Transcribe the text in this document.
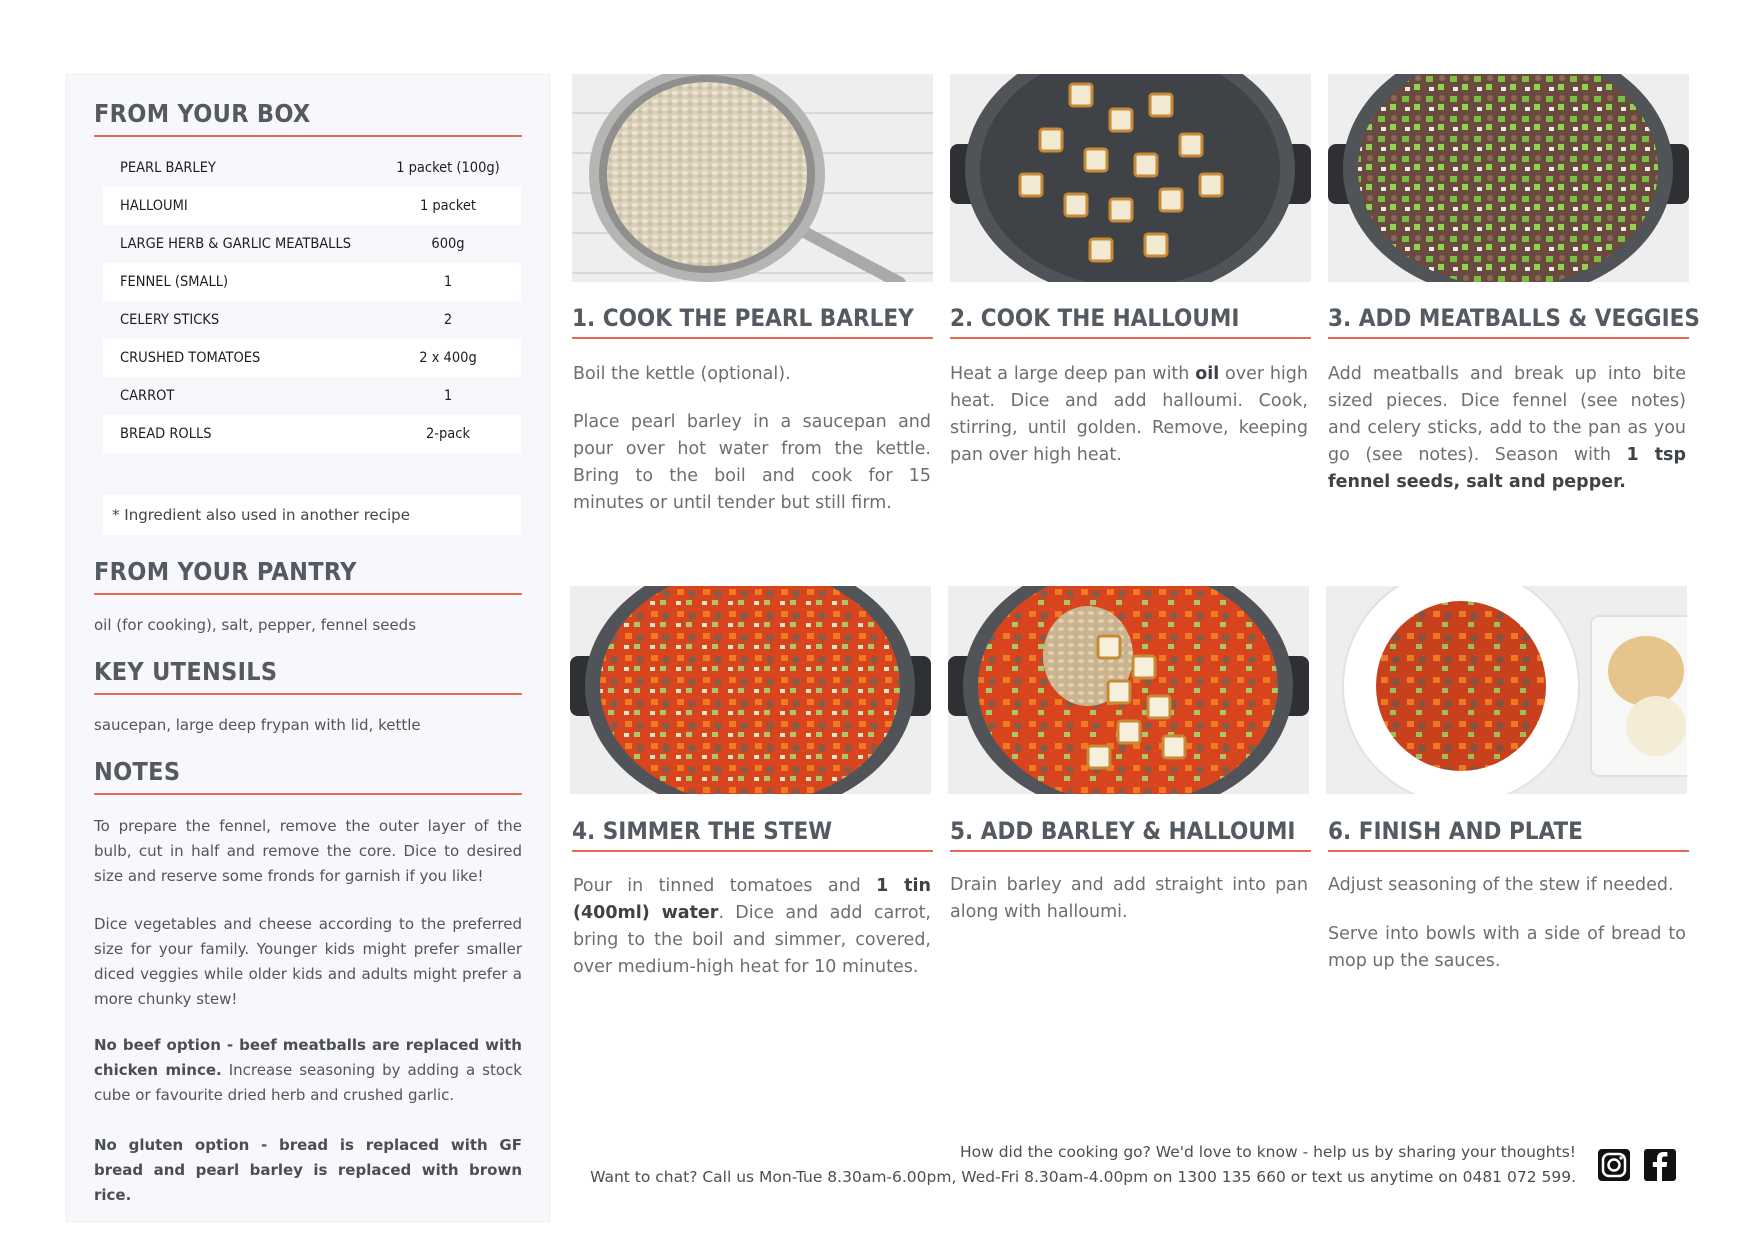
FROM YOUR BOX
PEARL BARLEY	1 packet (100g)
HALLOUMI	1 packet
LARGE HERB & GARLIC MEATBALLS	600g
FENNEL (SMALL)	1
CELERY STICKS	2
CRUSHED TOMATOES	2 x 400g
CARROT	1
BREAD ROLLS	2-pack
* Ingredient also used in another recipe
FROM YOUR PANTRY
oil (for cooking), salt, pepper, fennel seeds
KEY UTENSILS
saucepan, large deep frypan with lid, kettle
NOTES
To prepare the fennel, remove the outer layer of the bulb, cut in half and remove the core. Dice to desired size and reserve some fronds for garnish if you like!
Dice vegetables and cheese according to the preferred size for your family. Younger kids might prefer smaller diced veggies while older kids and adults might prefer a more chunky stew!
No beef option - beef meatballs are replaced with chicken mince. Increase seasoning by adding a stock cube or favourite dried herb and crushed garlic.
No gluten option - bread is replaced with GF bread and pearl barley is replaced with brown rice.
1. COOK THE PEARL BARLEY

Boil the kettle (optional).

Place pearl barley in a saucepan and pour over hot water from the kettle. Bring to the boil and cook for 15 minutes or until tender but still firm.

2. COOK THE HALLOUMI

Heat a large deep pan with oil over high heat. Dice and add halloumi. Cook, stirring, until golden. Remove, keeping pan over high heat.

3. ADD MEATBALLS & VEGGIES

Add meatballs and break up into bite sized pieces. Dice fennel (see notes) and celery sticks, add to the pan as you go (see notes). Season with 1 tsp fennel seeds, salt and pepper.

4. SIMMER THE STEW

Pour in tinned tomatoes and 1 tin (400ml) water. Dice and add carrot, bring to the boil and simmer, covered, over medium-high heat for 10 minutes.

5. ADD BARLEY & HALLOUMI

Drain barley and add straight into pan along with halloumi.

6. FINISH AND PLATE

Adjust seasoning of the stew if needed.

Serve into bowls with a side of bread to mop up the sauces.

How did the cooking go? We'd love to know - help us by sharing your thoughts!
Want to chat? Call us Mon-Tue 8.30am-6.00pm, Wed-Fri 8.30am-4.00pm on 1300 135 660 or text us anytime on 0481 072 599.
